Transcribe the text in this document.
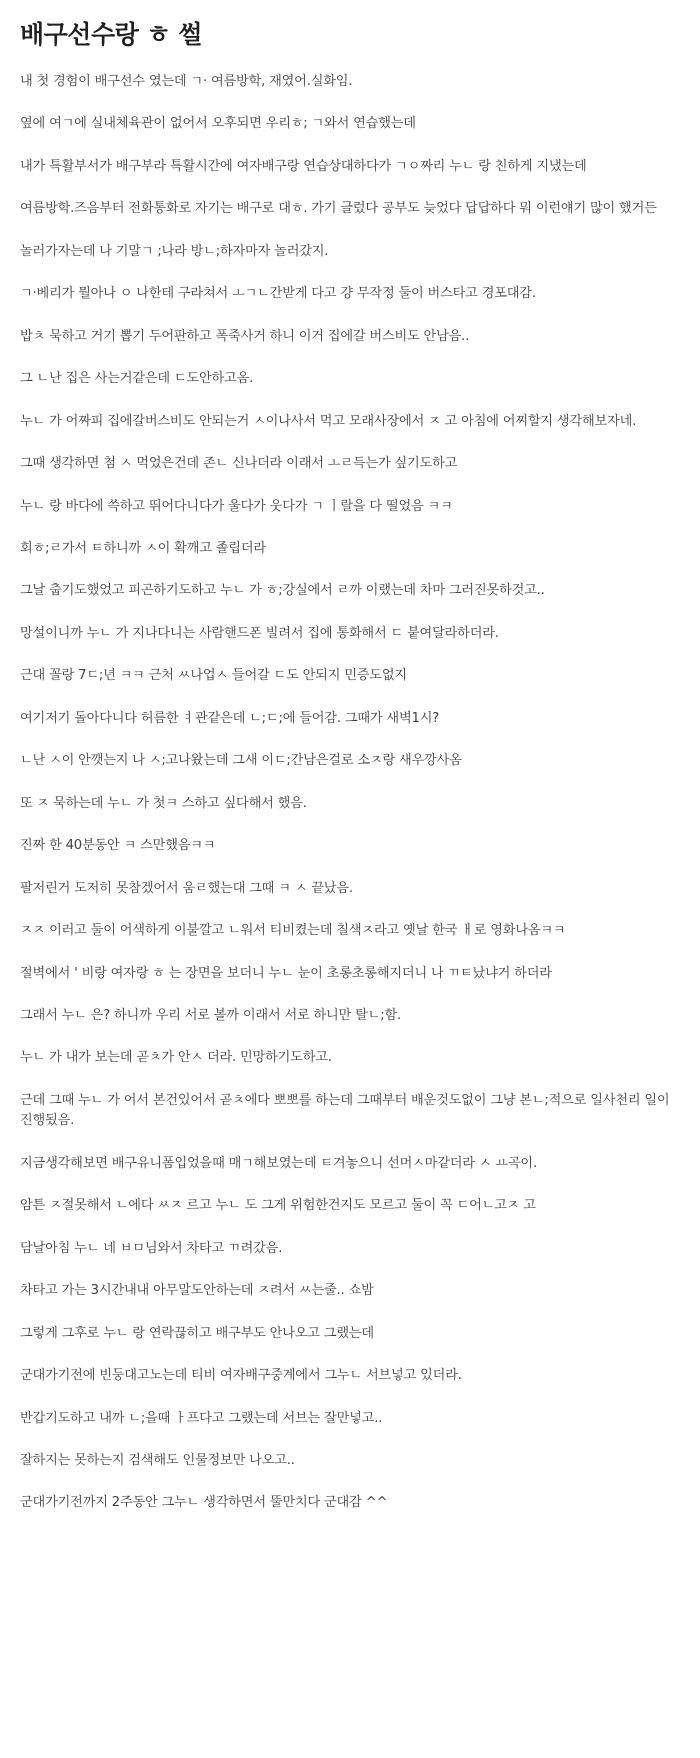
배구선수랑 ㅎ 썰

내 첫 경험이 배구선수 였는데 ㄱ· 여름방학, 재였어.실화임.

옆에 여ㄱ에 실내체육관이 없어서 오후되면 우리ㅎ; ㄱ와서 연습했는데

내가 특활부서가 배구부라 특활시간에 여자배구랑 연습상대하다가 ㄱㅇ짜리 누ㄴ 랑 친하게 지냈는데

여름방학.즈음부터 전화통화로 자기는 배구로 대ㅎ. 가기 글렀다 공부도 늦었다 답답하다 뭐 이런얘기 많이 했거든

놀러가자는데 나 기말ㄱ ;나라 방ㄴ;하자마자 놀러갔지.

ㄱ·베리가 뭘아나 ㅇ 나한테 구라쳐서 ㅗㄱㄴ간받게 다고 걍 무작정 둘이 버스타고 경포대감.

밥ㅊ 묵하고 거기 뽑기 두어판하고 폭죽사거 하니 이거 집에갈 버스비도 안남음..

그 ㄴ난 집은 사는거같은데 ㄷ도안하고옴.

누ㄴ 가 어짜피 집에갈버스비도 안되는거 ㅅ이나사서 먹고 모래사장에서 ㅈ 고 아침에 어찌할지 생각해보자네.

그때 생각하면 첨 ㅅ 먹었은건데 존ㄴ 신나더라 이래서 ㅗㄹ득는가 싶기도하고

누ㄴ 랑 바다에 쓱하고 뛰어다니다가 울다가 웃다가 ㄱ ㅣ랄을 다 떨었음 ㅋㅋ

회ㅎ;ㄹ가서 ㅌ하니까 ㅅ이 확깨고 졸립더라

그날 춥기도했었고 피곤하기도하고 누ㄴ 가 ㅎ;강실에서 ㄹ까 이랬는데 차마 그러진못하것고..

망설이니까 누ㄴ 가 지나다니는 사람핸드폰 빌려서 집에 통화해서 ㄷ 붙여달라하더라.

근대 꼴랑 7ㄷ;년 ㅋㅋ 근처 ㅆ나업ㅅ 들어갈 ㄷ도 안되지 민증도없지

여기저기 돌아다니다 허름한 ㅕ관같은데 ㄴ;ㄷ;에 들어감. 그때가 새벽1시?

ㄴ난 ㅅ이 안깻는지 나 ㅅ;고나왔는데 그새 이ㄷ;간남은걸로 소ㅈ랑 새우깡사옴

또 ㅈ 묵하는데 누ㄴ 가 첫ㅋ 스하고 싶다해서 했음.

진짜 한 40분동안 ㅋ 스만했음ㅋㅋ

팔저린거 도저히 못참겠어서 움ㄹ했는대 그때 ㅋ ㅅ 끝났음.

ㅈㅈ 이러고 둘이 어색하게 이불깔고 ㄴ워서 티비켰는데 칠색ㅈ라고 옛날 한국 ㅐ로 영화나옴ㅋㅋ

절벽에서 ' 비랑 여자랑 ㅎ 는 장면을 보더니 누ㄴ 눈이 초롱초롱해지더니 나 ㄲㅌ났냐거 하더라

그래서 누ㄴ 은? 하니까 우리 서로 볼까 이래서 서로 하니만 탈ㄴ;함.

누ㄴ 가 내가 보는데 곧ㅊ가 안ㅅ 더라. 민망하기도하고.

근데 그때 누ㄴ 가 어서 본건있어서 곧ㅊ에다 뽀뽀를 하는데 그때부터 배운것도없이 그냥 본ㄴ;적으로 일사천리 일이 진행됬음.

지금생각해보면 배구유니폼입었을때 매ㄱ해보였는데 ㅌ겨놓으니 선머ㅅ마같더라 ㅅ ㅛ곡이.

암튼 ㅈ절못해서 ㄴ에다 ㅆㅈ 르고 누ㄴ 도 그게 위험한건지도 모르고 둘이 꼭 ㄷ어ㄴ고ㅈ 고

담날아침 누ㄴ 네 ㅂㅁ님와서 차타고 ㄲ려갔음.

차타고 가는 3시간내내 아무말도안하는데 ㅈ려서 ㅆ는줄.. 쇼밤

그렇게 그후로 누ㄴ 랑 연락끊히고 배구부도 안나오고 그랬는데

군대가기전에 빈둥대고노는데 티비 여자배구중계에서 그누ㄴ 서브넣고 있더라.

반갑기도하고 내까 ㄴ;을때 ㅏ프다고 그랬는데 서브는 잘만넣고..

잘하지는 못하는지 검색해도 인물정보만 나오고..

군대가기전까지 2주동안 그누ㄴ 생각하면서 뚤만치다 군대감 ^^
